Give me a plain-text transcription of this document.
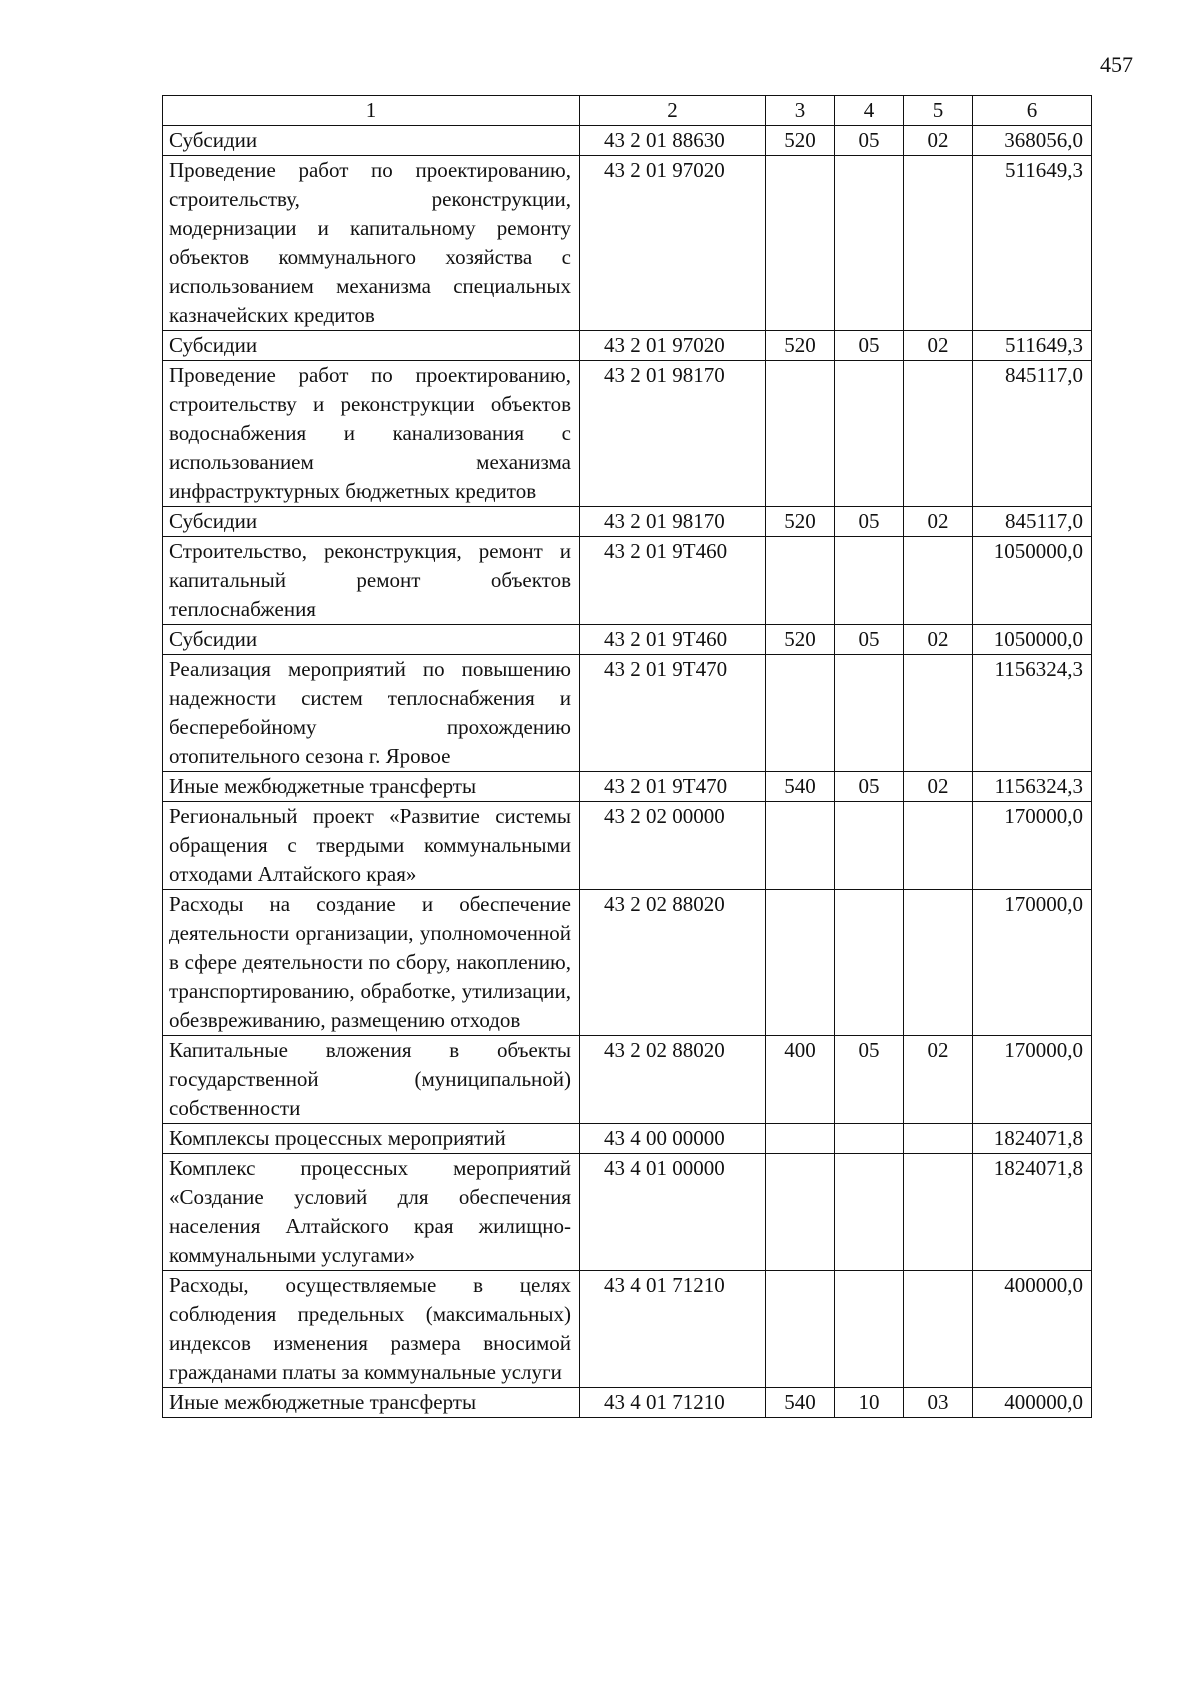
457
1	2	3	4	5	6
Субсидии	43 2 01 88630	520	05	02	368056,0
Проведение работ по проектированию, строительству, реконструкции, модернизации и капитальному ремонту объектов коммунального хозяйства с использованием механизма специальных казначейских кредитов	43 2 01 97020				511649,3
Субсидии	43 2 01 97020	520	05	02	511649,3
Проведение работ по проектированию, строительству и реконструкции объектов водоснабжения и канализования с использованием механизма инфраструктурных бюджетных кредитов	43 2 01 98170				845117,0
Субсидии	43 2 01 98170	520	05	02	845117,0
Строительство, реконструкция, ремонт и капитальный ремонт объектов теплоснабжения	43 2 01 9Т460				1050000,0
Субсидии	43 2 01 9Т460	520	05	02	1050000,0
Реализация мероприятий по повышению надежности систем теплоснабжения и бесперебойному прохождению отопительного сезона г. Яровое	43 2 01 9Т470				1156324,3
Иные межбюджетные трансферты	43 2 01 9Т470	540	05	02	1156324,3
Региональный проект «Развитие системы обращения с твердыми коммунальными отходами Алтайского края»	43 2 02 00000				170000,0
Расходы на создание и обеспечение деятельности организации, уполномоченной в сфере деятельности по сбору, накоплению, транспортированию, обработке, утилизации, обезвреживанию, размещению отходов	43 2 02 88020				170000,0
Капитальные вложения в объекты государственной (муниципальной) собственности	43 2 02 88020	400	05	02	170000,0
Комплексы процессных мероприятий	43 4 00 00000				1824071,8
Комплекс процессных мероприятий «Создание условий для обеспечения населения Алтайского края жилищно-коммунальными услугами»	43 4 01 00000				1824071,8
Расходы, осуществляемые в целях соблюдения предельных (максимальных) индексов изменения размера вносимой гражданами платы за коммунальные услуги	43 4 01 71210				400000,0
Иные межбюджетные трансферты	43 4 01 71210	540	10	03	400000,0
